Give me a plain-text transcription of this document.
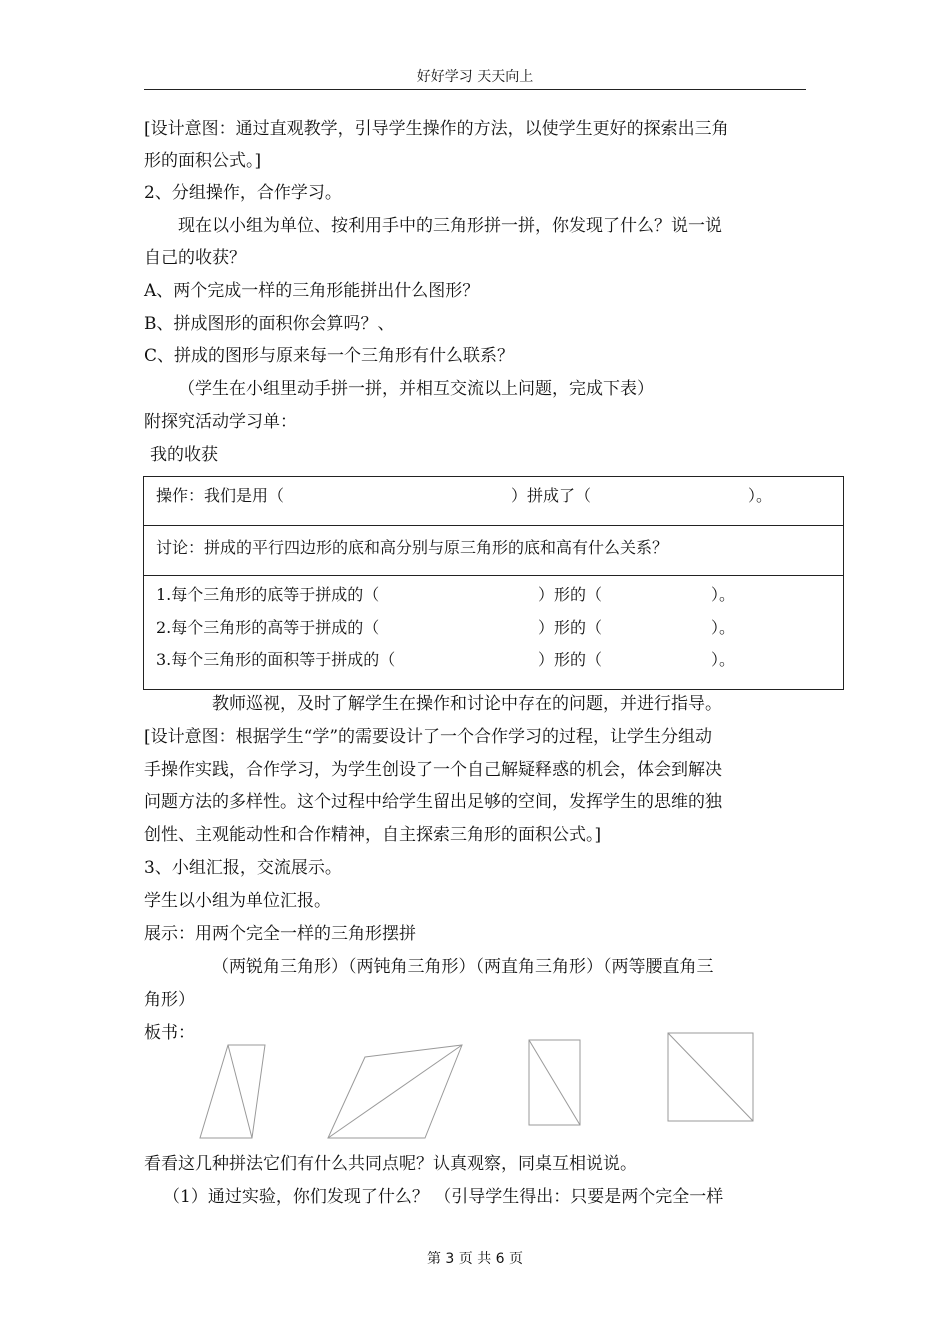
好好学习 天天向上
[设计意图：通过直观教学，引导学生操作的方法，以使学生更好的探索出三角
形的面积公式。]
2、分组操作，合作学习。
现在以小组为单位、按利用手中的三角形拼一拼，你发现了什么？说一说
自己的收获？
A、两个完成一样的三角形能拼出什么图形？
B、拼成图形的面积你会算吗？、
C、拼成的图形与原来每一个三角形有什么联系？
（学生在小组里动手拼一拼，并相互交流以上问题，完成下表）
附探究活动学习单：
我的收获
操作：我们是用（	）拼成了（	）。
讨论：拼成的平行四边形的底和高分别与原三角形的底和高有什么关系？
1.每个三角形的底等于拼成的（	）形的（	）。
2.每个三角形的高等于拼成的（	）形的（	）。
3.每个三角形的面积等于拼成的（	）形的（	）。
教师巡视，及时了解学生在操作和讨论中存在的问题，并进行指导。
[设计意图：根据学生“学”的需要设计了一个合作学习的过程，让学生分组动
手操作实践，合作学习，为学生创设了一个自己解疑释惑的机会，体会到解决
问题方法的多样性。这个过程中给学生留出足够的空间，发挥学生的思维的独
创性、主观能动性和合作精神，自主探索三角形的面积公式。]
3、小组汇报，交流展示。
学生以小组为单位汇报。
展示：用两个完全一样的三角形摆拼
（两锐角三角形）（两钝角三角形）（两直角三角形）（两等腰直角三
角形）
板书：
看看这几种拼法它们有什么共同点呢？认真观察，同桌互相说说。
（1）通过实验，你们发现了什么？ （引导学生得出：只要是两个完全一样
第 3 页 共 6 页
